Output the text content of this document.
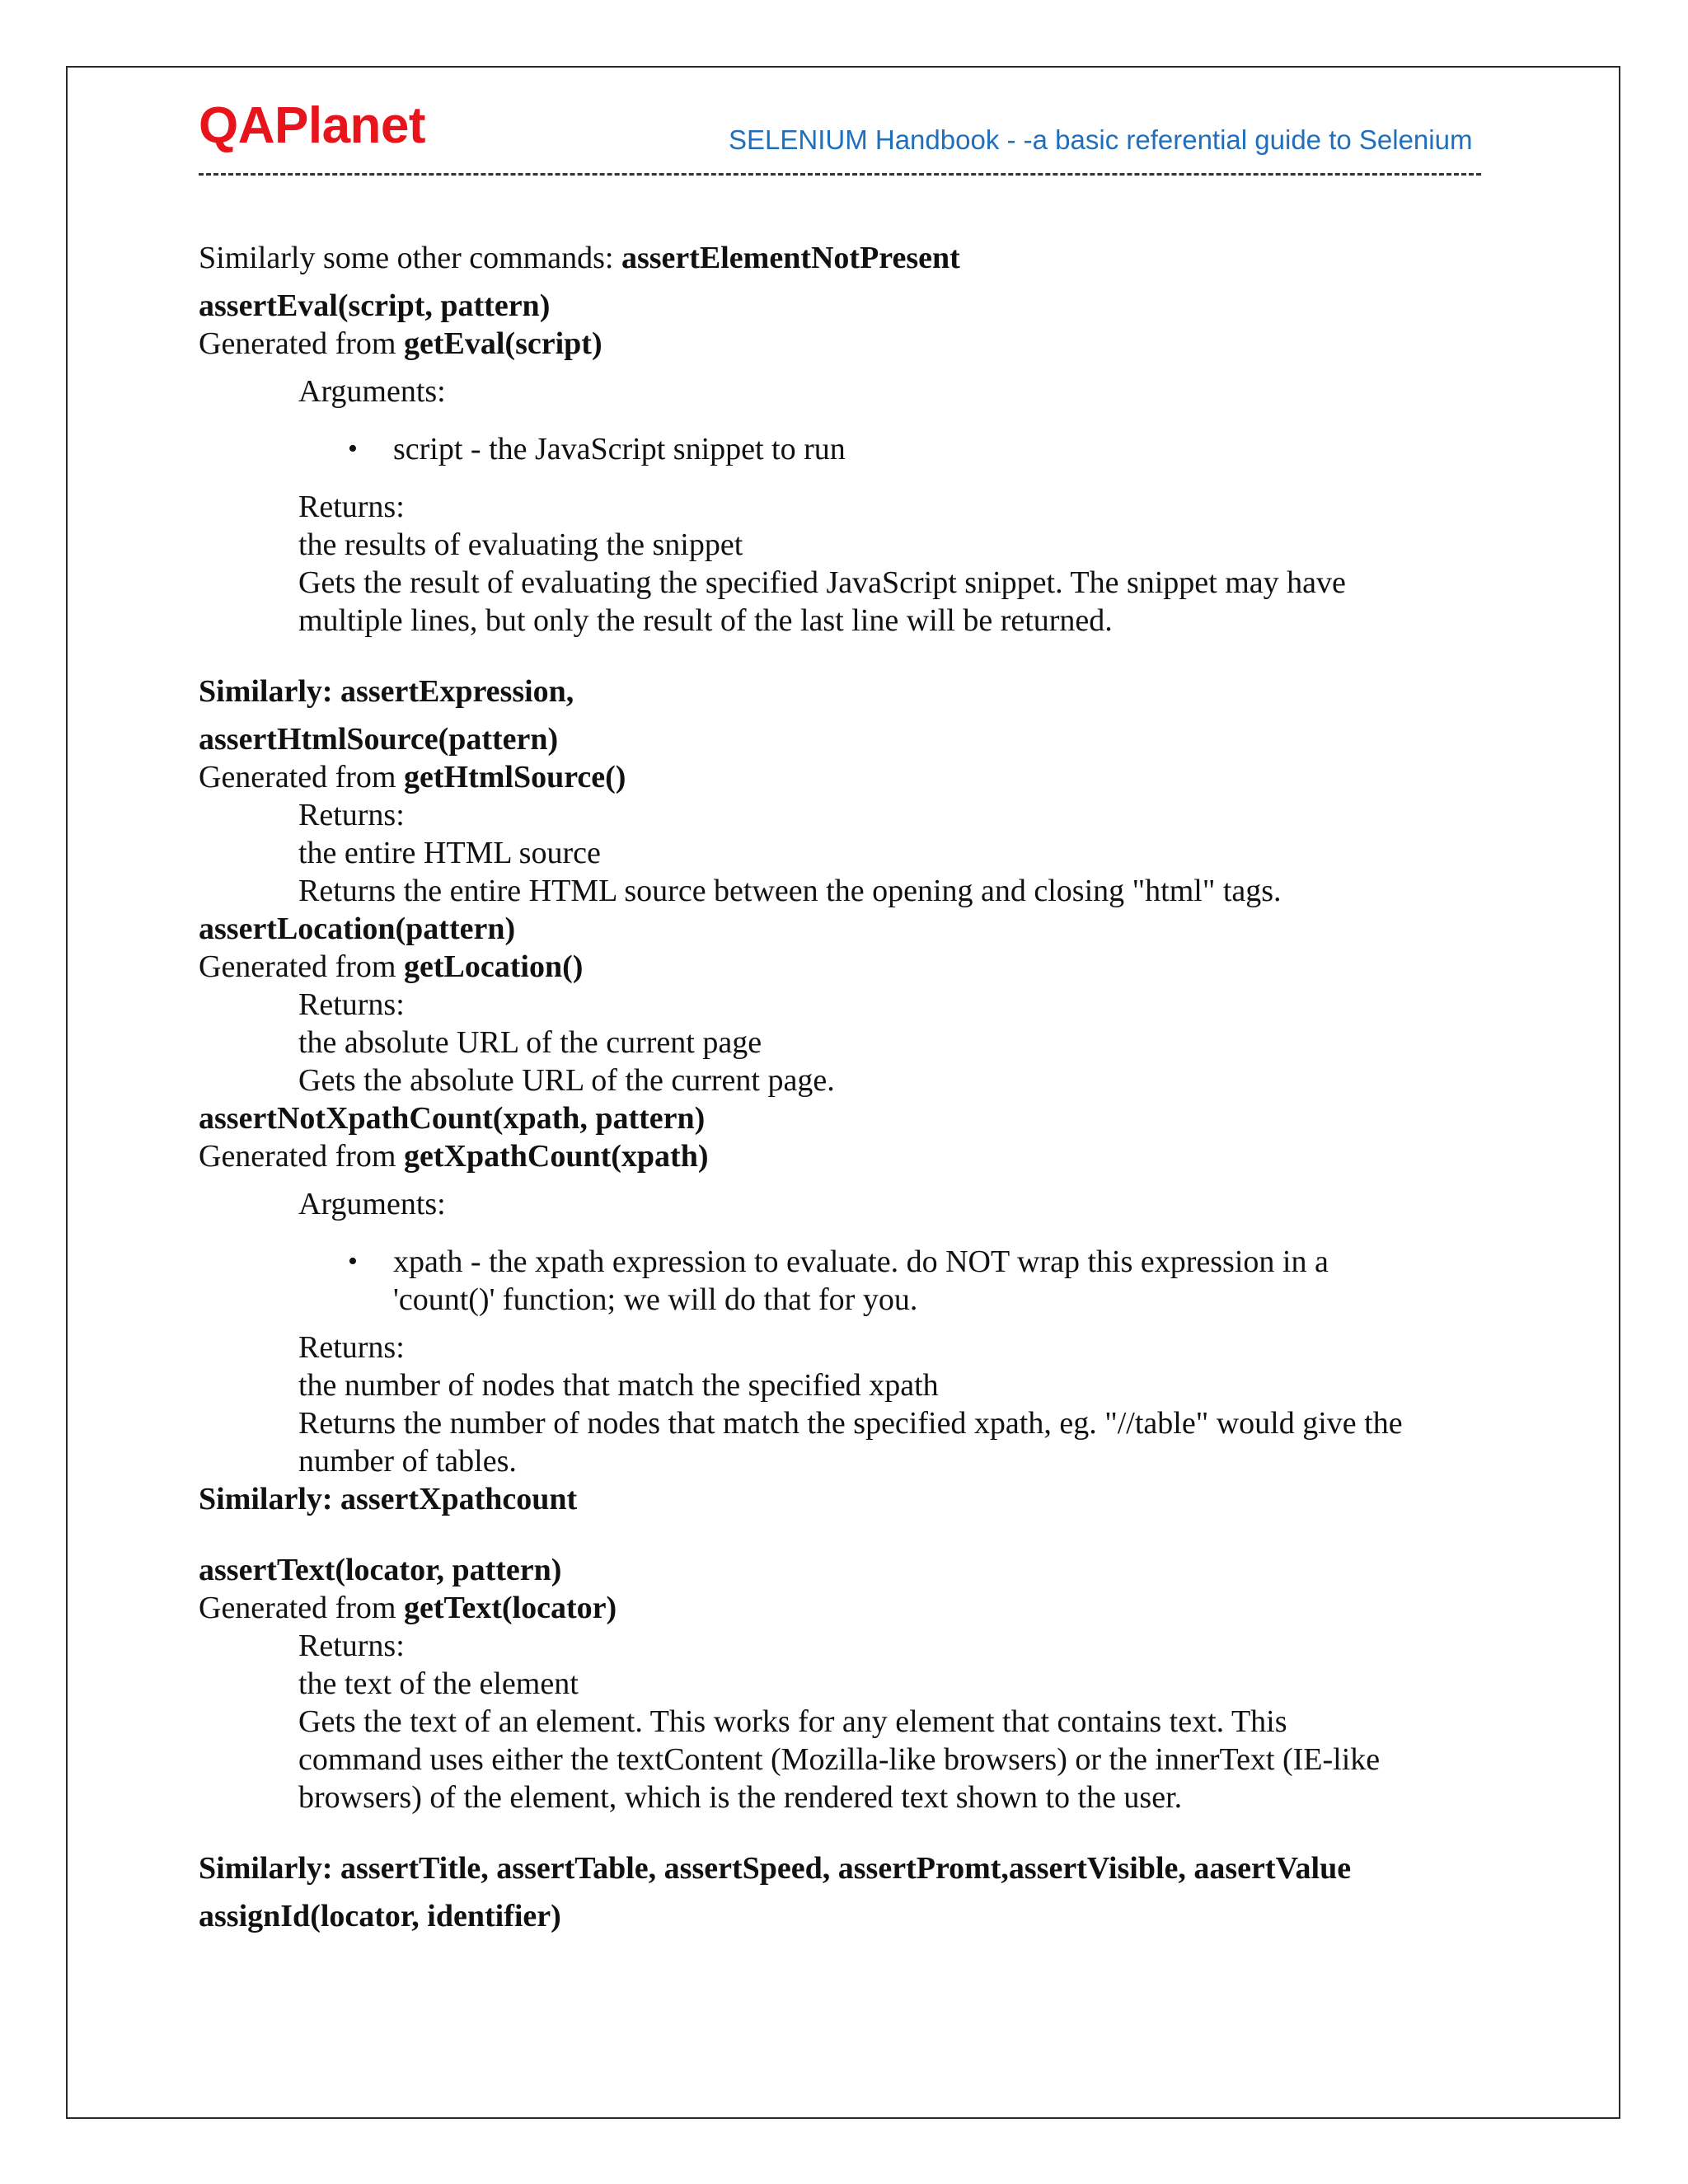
QAPlanet	SELENIUM Handbook - -a basic referential guide to Selenium
Similarly some other commands: assertElementNotPresent
assertEval(script, pattern)
Generated from getEval(script)
Arguments:
• script - the JavaScript snippet to run
Returns:
the results of evaluating the snippet
Gets the result of evaluating the specified JavaScript snippet. The snippet may have
multiple lines, but only the result of the last line will be returned.
Similarly: assertExpression,
assertHtmlSource(pattern)
Generated from getHtmlSource()
Returns:
the entire HTML source
Returns the entire HTML source between the opening and closing "html" tags.
assertLocation(pattern)
Generated from getLocation()
Returns:
the absolute URL of the current page
Gets the absolute URL of the current page.
assertNotXpathCount(xpath, pattern)
Generated from getXpathCount(xpath)
Arguments:
• xpath - the xpath expression to evaluate. do NOT wrap this expression in a
'count()' function; we will do that for you.
Returns:
the number of nodes that match the specified xpath
Returns the number of nodes that match the specified xpath, eg. "//table" would give the
number of tables.
Similarly: assertXpathcount
assertText(locator, pattern)
Generated from getText(locator)
Returns:
the text of the element
Gets the text of an element. This works for any element that contains text. This
command uses either the textContent (Mozilla-like browsers) or the innerText (IE-like
browsers) of the element, which is the rendered text shown to the user.
Similarly: assertTitle, assertTable, assertSpeed, assertPromt,assertVisible, aasertValue
assignId(locator, identifier)
